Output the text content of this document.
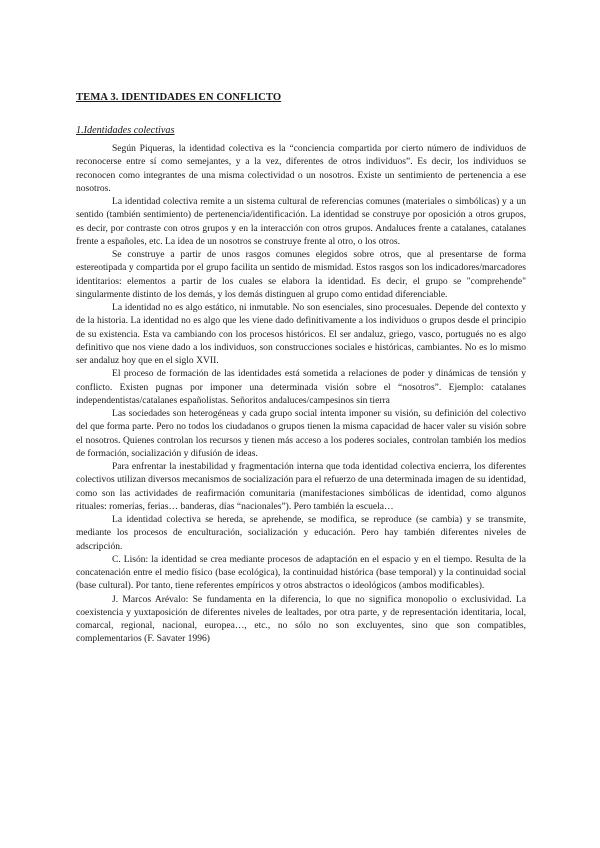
TEMA 3. IDENTIDADES EN CONFLICTO
1.Identidades colectivas

Según Piqueras, la identidad colectiva es la “conciencia compartida por cierto número de individuos de reconocerse entre sí como semejantes, y a la vez, diferentes de otros individuos”. Es decir, los individuos se reconocen como integrantes de una misma colectividad o un nosotros. Existe un sentimiento de pertenencia a ese nosotros.

La identidad colectiva remite a un sistema cultural de referencias comunes (materiales o simbólicas) y a un sentido (también sentimiento) de pertenencia/identificación. La identidad se construye por oposición a otros grupos, es decir, por contraste con otros grupos y en la interacción con otros grupos. Andaluces frente a catalanes, catalanes frente a españoles, etc. La idea de un nosotros se construye frente al otro, o los otros.

Se construye a partir de unos rasgos comunes elegidos sobre otros, que al presentarse de forma estereotipada y compartida por el grupo facilita un sentido de mismidad. Estos rasgos son los indicadores/marcadores identitarios: elementos a partir de los cuales se elabora la identidad. Es decir, el grupo se "comprehende" singularmente distinto de los demás, y los demás distinguen al grupo como entidad diferenciable.

La identidad no es algo estático, ni inmutable. No son esenciales, sino procesuales. Depende del contexto y de la historia. La identidad no es algo que les viene dado definitivamente a los individuos o grupos desde el principio de su existencia. Esta va cambiando con los procesos históricos. El ser andaluz, griego, vasco, portugués no es algo definitivo que nos viene dado a los individuos, son construcciones sociales e históricas, cambiantes. No es lo mismo ser andaluz hoy que en el siglo XVII.

El proceso de formación de las identidades está sometida a relaciones de poder y dinámicas de tensión y conflicto. Existen pugnas por imponer una determinada visión sobre el “nosotros”. Ejemplo: catalanes independentistas/catalanes españolistas. Señoritos andaluces/campesinos sin tierra

Las sociedades son heterogéneas y cada grupo social intenta imponer su visión, su definición del colectivo del que forma parte. Pero no todos los ciudadanos o grupos tienen la misma capacidad de hacer valer su visión sobre el nosotros. Quienes controlan los recursos y tienen más acceso a los poderes sociales, controlan también los medios de formación, socialización y difusión de ideas.

Para enfrentar la inestabilidad y fragmentación interna que toda identidad colectiva encierra, los diferentes colectivos utilizan diversos mecanismos de socialización para el refuerzo de una determinada imagen de su identidad, como son las actividades de reafirmación comunitaria (manifestaciones simbólicas de identidad, como algunos rituales: romerías, ferias… banderas, días “nacionales”). Pero también la escuela…

La identidad colectiva se hereda, se aprehende, se modifica, se reproduce (se cambia) y se transmite, mediante los procesos de enculturación, socialización y educación. Pero hay también diferentes niveles de adscripción.

C. Lisón: la identidad se crea mediante procesos de adaptación en el espacio y en el tiempo. Resulta de la concatenación entre el medio físico (base ecológica), la continuidad histórica (base temporal) y la continuidad social (base cultural). Por tanto, tiene referentes empíricos y otros abstractos o ideológicos (ambos modificables).

J. Marcos Arévalo: Se fundamenta en la diferencia, lo que no significa monopolio o exclusividad. La coexistencia y yuxtaposición de diferentes niveles de lealtades, por otra parte, y de representación identitaria, local, comarcal, regional, nacional, europea…, etc., no sólo no son excluyentes, sino que son compatibles, complementarios (F. Savater 1996)
